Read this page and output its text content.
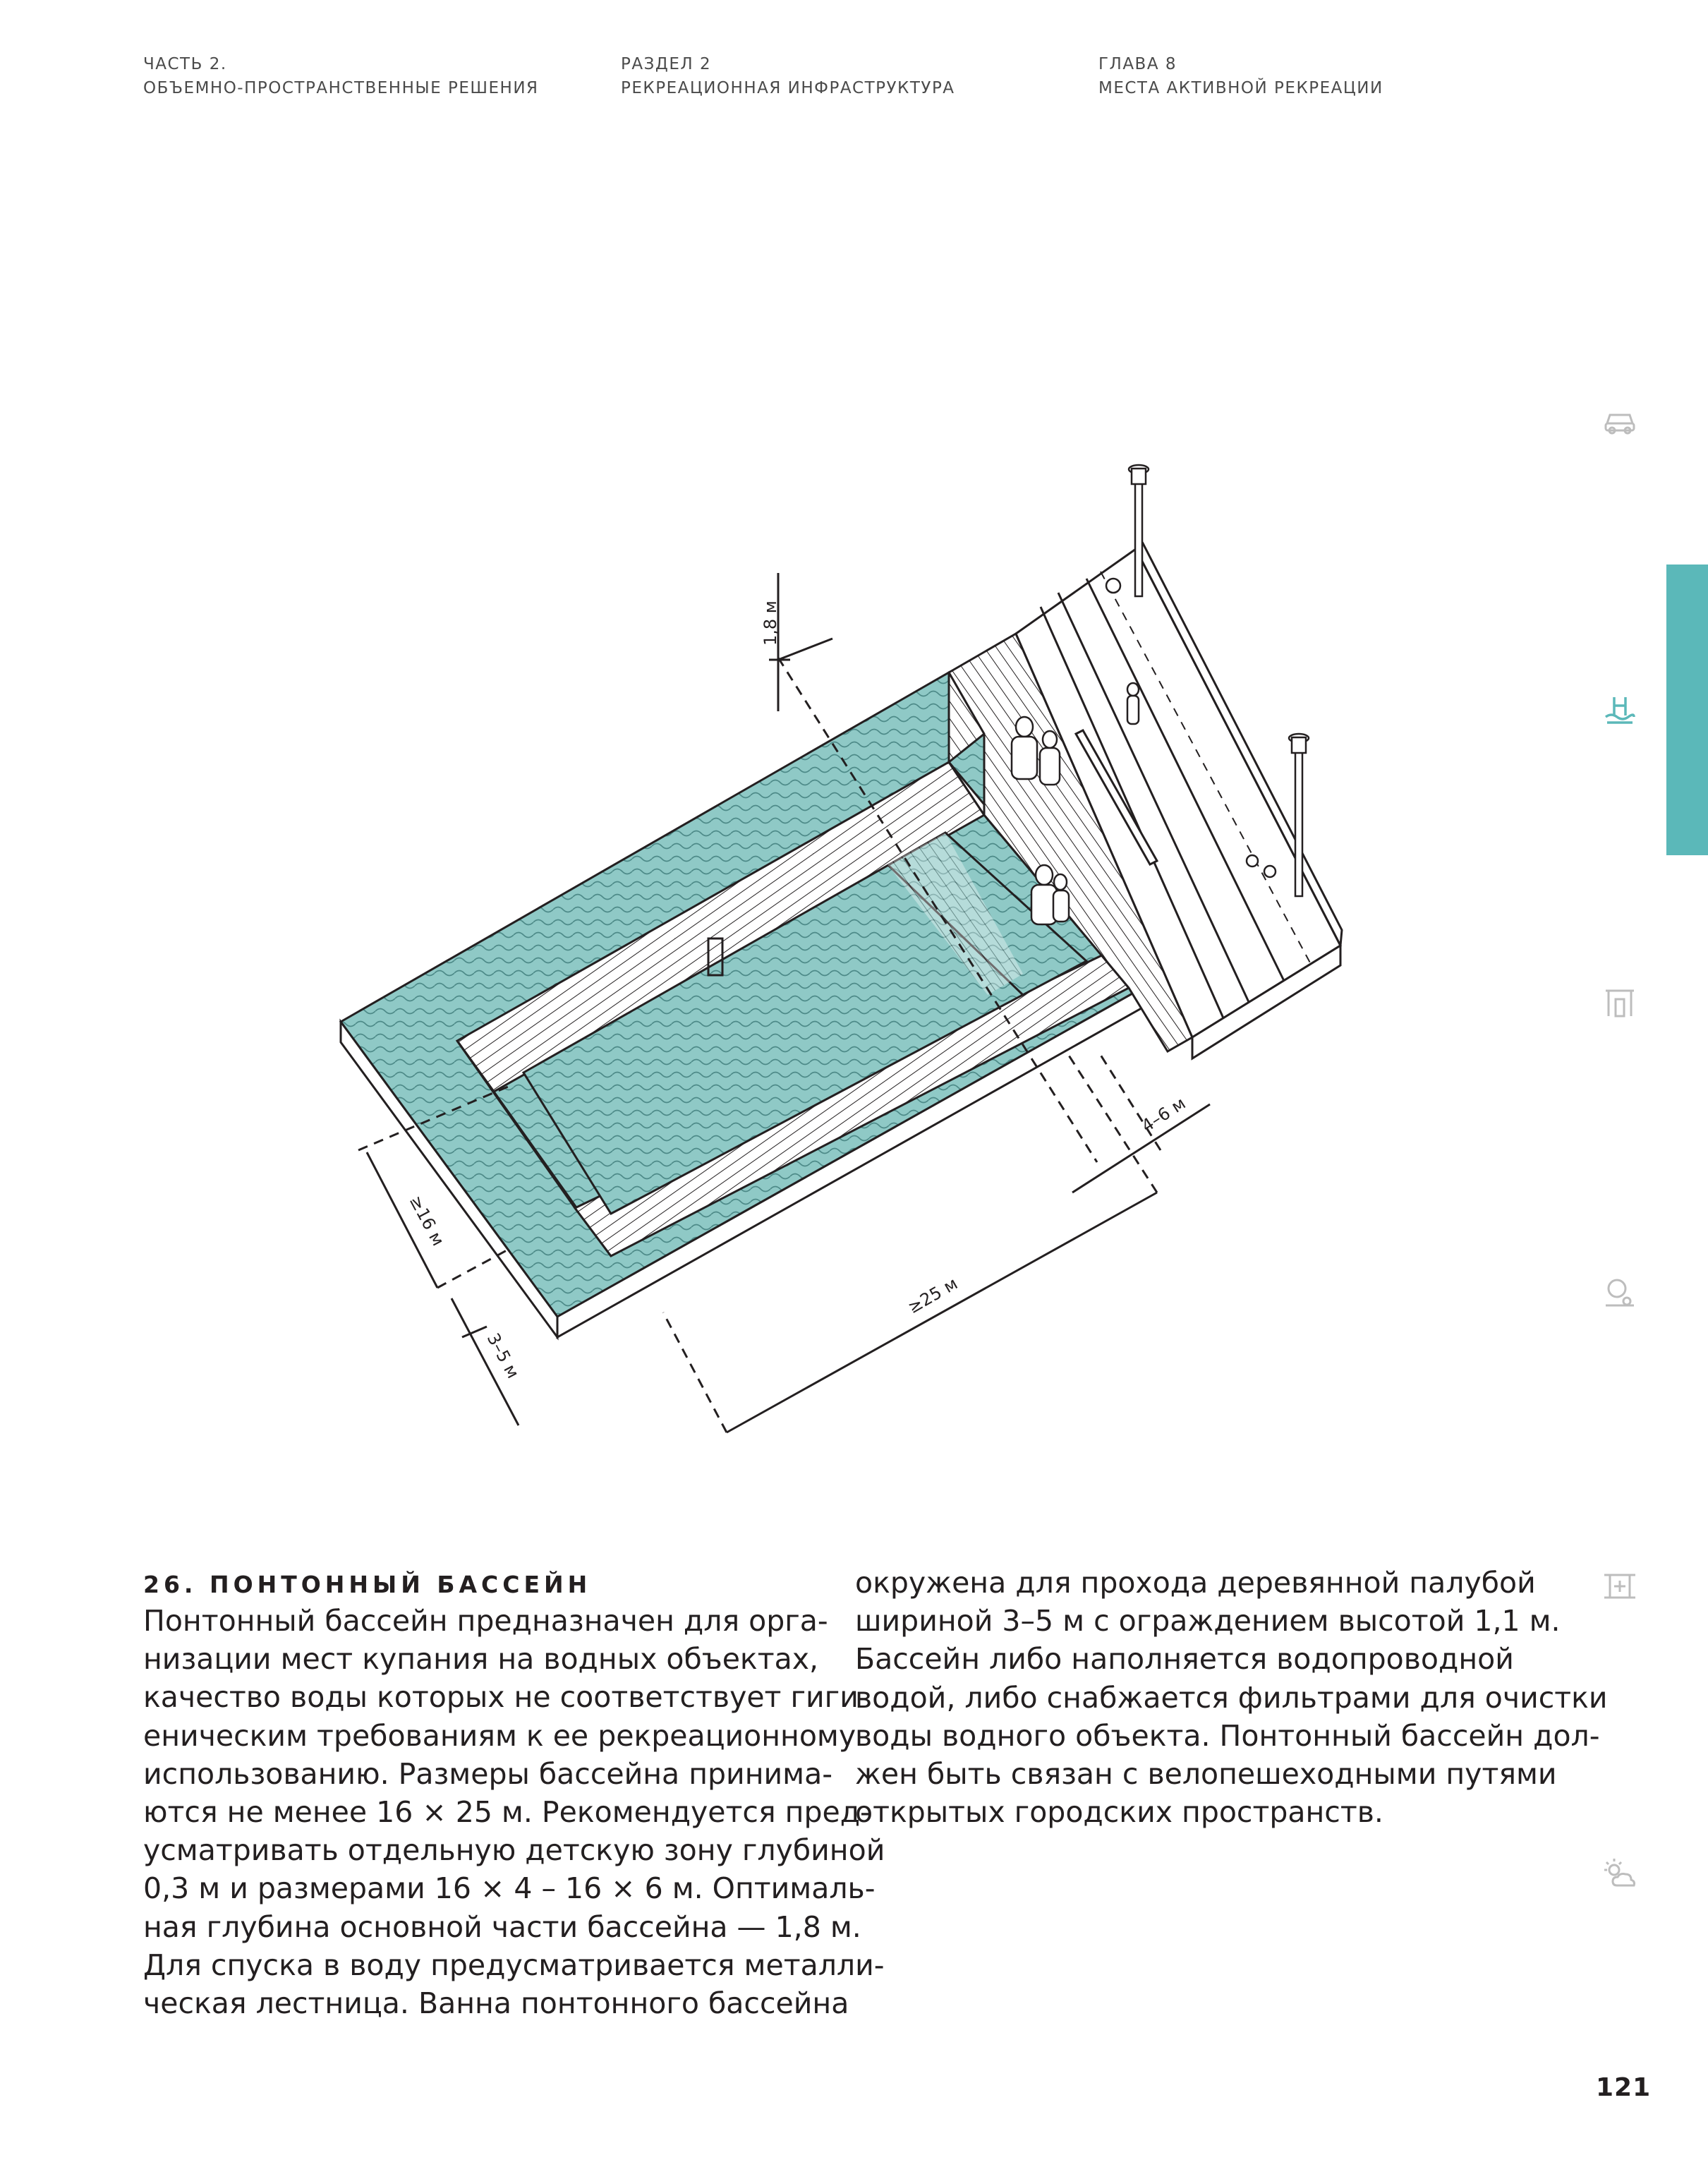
ЧАСТЬ 2.
ОБЪЕМНО-ПРОСТРАНСТВЕННЫЕ РЕШЕНИЯ
РАЗДЕЛ 2
РЕКРЕАЦИОННАЯ ИНФРАСТРУКТУРА
ГЛАВА 8
МЕСТА АКТИВНОЙ РЕКРЕАЦИИ
1,8 м
4–6 м
≥16 м
3–5 м
≥25 м
26. ПОНТОННЫЙ БАССЕЙН
Понтонный бассейн предназначен для орга-
низации мест купания на водных объектах,
качество воды которых не соответствует гиги-
еническим требованиям к ее рекреационному
использованию. Размеры бассейна принима-
ются не менее 16 × 25 м. Рекомендуется пред-
усматривать отдельную детскую зону глубиной
0,3 м и размерами 16 × 4 – 16 × 6 м. Оптималь-
ная глубина основной части бассейна — 1,8 м.
Для спуска в воду предусматривается металли-
ческая лестница. Ванна понтонного бассейна
окружена для прохода деревянной палубой
шириной 3–5 м с ограждением высотой 1,1 м.
Бассейн либо наполняется водопроводной
водой, либо снабжается фильтрами для очистки
воды водного объекта. Понтонный бассейн дол-
жен быть связан с велопешеходными путями
открытых городских пространств.
121
